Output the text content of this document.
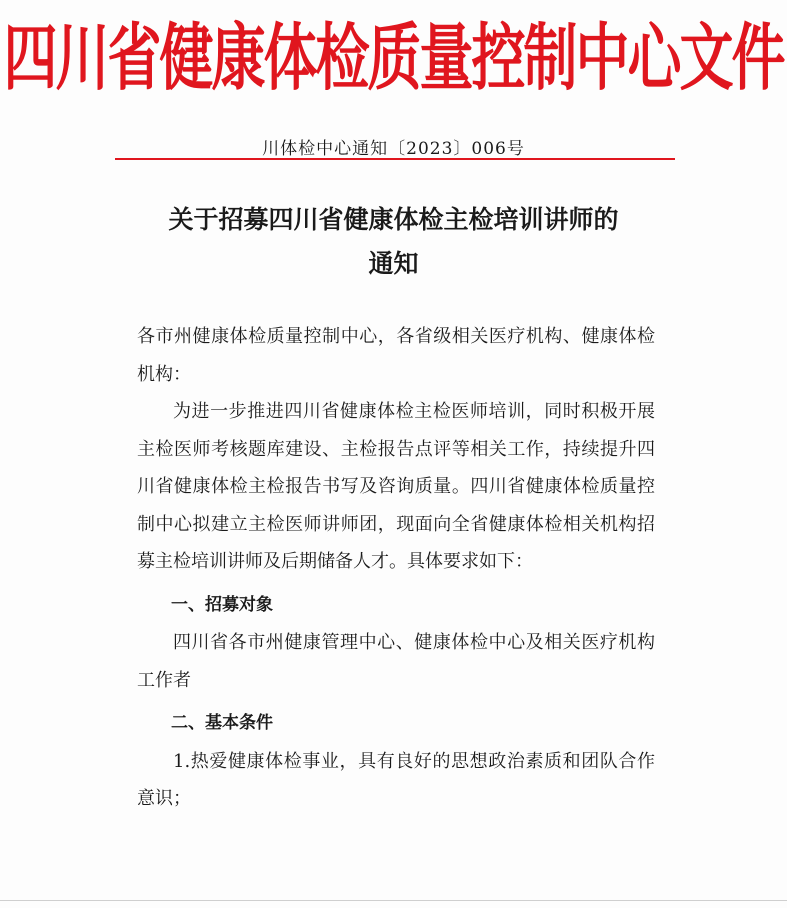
四川省健康体检质量控制中心文件
川体检中心通知〔2023〕006号
关于招募四川省健康体检主检培训讲师的
通知

各市州健康体检质量控制中心，各省级相关医疗机构、健康体检机构：

为进一步推进四川省健康体检主检医师培训，同时积极开展主检医师考核题库建设、主检报告点评等相关工作，持续提升四川省健康体检主检报告书写及咨询质量。四川省健康体检质量控制中心拟建立主检医师讲师团，现面向全省健康体检相关机构招募主检培训讲师及后期储备人才。具体要求如下：

一、招募对象

四川省各市州健康管理中心、健康体检中心及相关医疗机构工作者

二、基本条件

1.热爱健康体检事业，具有良好的思想政治素质和团队合作意识；
